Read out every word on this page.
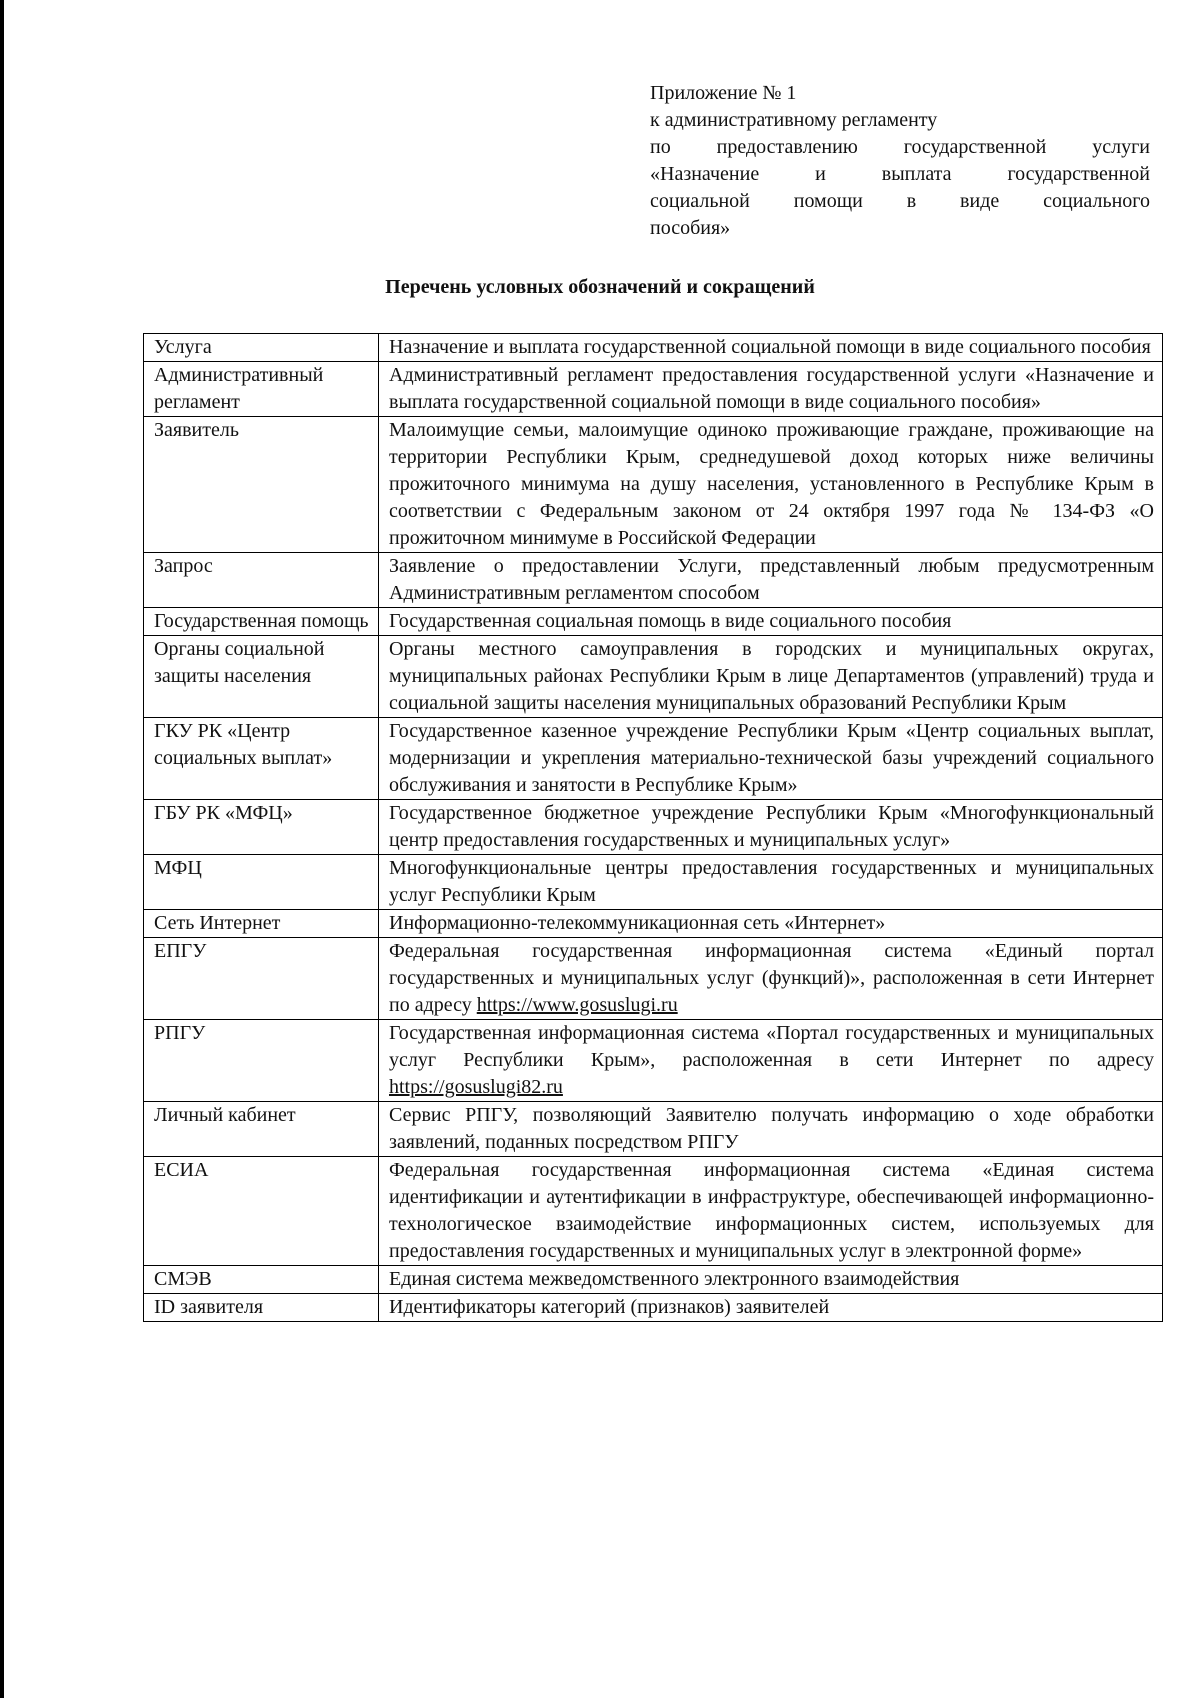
Приложение № 1
к административному регламенту
по предоставлению государственной услуги
«Назначение и выплата государственной
социальной помощи в виде социального
пособия»
Перечень условных обозначений и сокращений
Услуга	Назначение и выплата государственной социальной помощи в виде социального пособия
Административный регламент	Административный регламент предоставления государственной услуги «Назначение и выплата государственной социальной помощи в виде социального пособия»
Заявитель	Малоимущие семьи, малоимущие одиноко проживающие граждане, проживающие на территории Республики Крым, среднедушевой доход которых ниже величины прожиточного минимума на душу населения, установленного в Республике Крым в соответствии с Федеральным законом от 24 октября 1997 года № 134-ФЗ «О прожиточном минимуме в Российской Федерации
Запрос	Заявление о предоставлении Услуги, представленный любым предусмотренным Административным регламентом способом
Государственная помощь	Государственная социальная помощь в виде социального пособия
Органы социальной защиты населения	Органы местного самоуправления в городских и муниципальных округах, муниципальных районах Республики Крым в лице Департаментов (управлений) труда и социальной защиты населения муниципальных образований Республики Крым
ГКУ РК «Центр социальных выплат»	Государственное казенное учреждение Республики Крым «Центр социальных выплат, модернизации и укрепления материально-технической базы учреждений социального обслуживания и занятости в Республике Крым»
ГБУ РК «МФЦ»	Государственное бюджетное учреждение Республики Крым «Многофункциональный центр предоставления государственных и муниципальных услуг»
МФЦ	Многофункциональные центры предоставления государственных и муниципальных услуг Республики Крым
Сеть Интернет	Информационно-телекоммуникационная сеть «Интернет»
ЕПГУ	Федеральная государственная информационная система «Единый портал государственных и муниципальных услуг (функций)», расположенная в сети Интернет по адресу https://www.gosuslugi.ru
РПГУ	Государственная информационная система «Портал государственных и муниципальных услуг Республики Крым», расположенная в сети Интернет по адресу https://gosuslugi82.ru
Личный кабинет	Сервис РПГУ, позволяющий Заявителю получать информацию о ходе обработки заявлений, поданных посредством РПГУ
ЕСИА	Федеральная государственная информационная система «Единая система идентификации и аутентификации в инфраструктуре, обеспечивающей информационно-технологическое взаимодействие информационных систем, используемых для предоставления государственных и муниципальных услуг в электронной форме»
СМЭВ	Единая система межведомственного электронного взаимодействия
ID заявителя	Идентификаторы категорий (признаков) заявителей
